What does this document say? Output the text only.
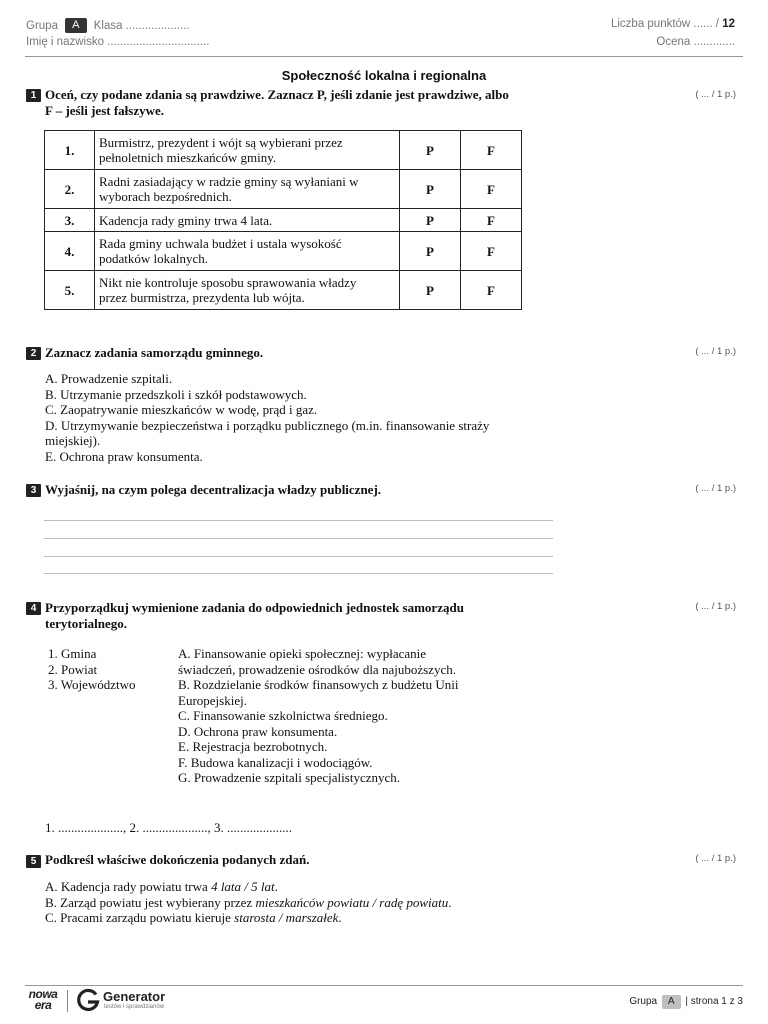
Grupa A Klasa ....................
Imię i nazwisko ................................
Liczba punktów ...... / 12
Ocena .............
Społeczność lokalna i regionalna
1 Oceń, czy podane zdania są prawdziwe. Zaznacz P, jeśli zdanie jest prawdziwe, albo
F – jeśli jest fałszywe.
( ... / 1 p.)
1.	Burmistrz, prezydent i wójt są wybierani przez
pełnoletnich mieszkańców gminy.	P	F
2.	Radni zasiadający w radzie gminy są wyłaniani w
wyborach bezpośrednich.	P	F
3.	Kadencja rady gminy trwa 4 lata.	P	F
4.	Rada gminy uchwala budżet i ustala wysokość
podatków lokalnych.	P	F
5.	Nikt nie kontroluje sposobu sprawowania władzy
przez burmistrza, prezydenta lub wójta.	P	F
2 Zaznacz zadania samorządu gminnego.	( ... / 1 p.)
A. Prowadzenie szpitali.
B. Utrzymanie przedszkoli i szkół podstawowych.
C. Zaopatrywanie mieszkańców w wodę, prąd i gaz.
D. Utrzymywanie bezpieczeństwa i porządku publicznego (m.in. finansowanie straży
miejskiej).
E. Ochrona praw konsumenta.
3 Wyjaśnij, na czym polega decentralizacja władzy publicznej.	( ... / 1 p.)
4 Przyporządkuj wymienione zadania do odpowiednich jednostek samorządu
terytorialnego.
( ... / 1 p.)
1. Gmina
2. Powiat
3. Województwo
A. Finansowanie opieki społecznej: wypłacanie
świadczeń, prowadzenie ośrodków dla najuboższych.
B. Rozdzielanie środków finansowych z budżetu Unii
Europejskiej.
C. Finansowanie szkolnictwa średniego.
D. Ochrona praw konsumenta.
E. Rejestracja bezrobotnych.
F. Budowa kanalizacji i wodociągów.
G. Prowadzenie szpitali specjalistycznych.
1. ...................., 2. ...................., 3. ....................
5 Podkreśl właściwe dokończenia podanych zdań.	( ... / 1 p.)
A. Kadencja rady powiatu trwa 4 lata / 5 lat.
B. Zarząd powiatu jest wybierany przez mieszkańców powiatu / radę powiatu.
C. Pracami zarządu powiatu kieruje starosta / marszałek.
nowa
era
Generator
testów i sprawdzianów	Grupa A | strona 1 z 3
